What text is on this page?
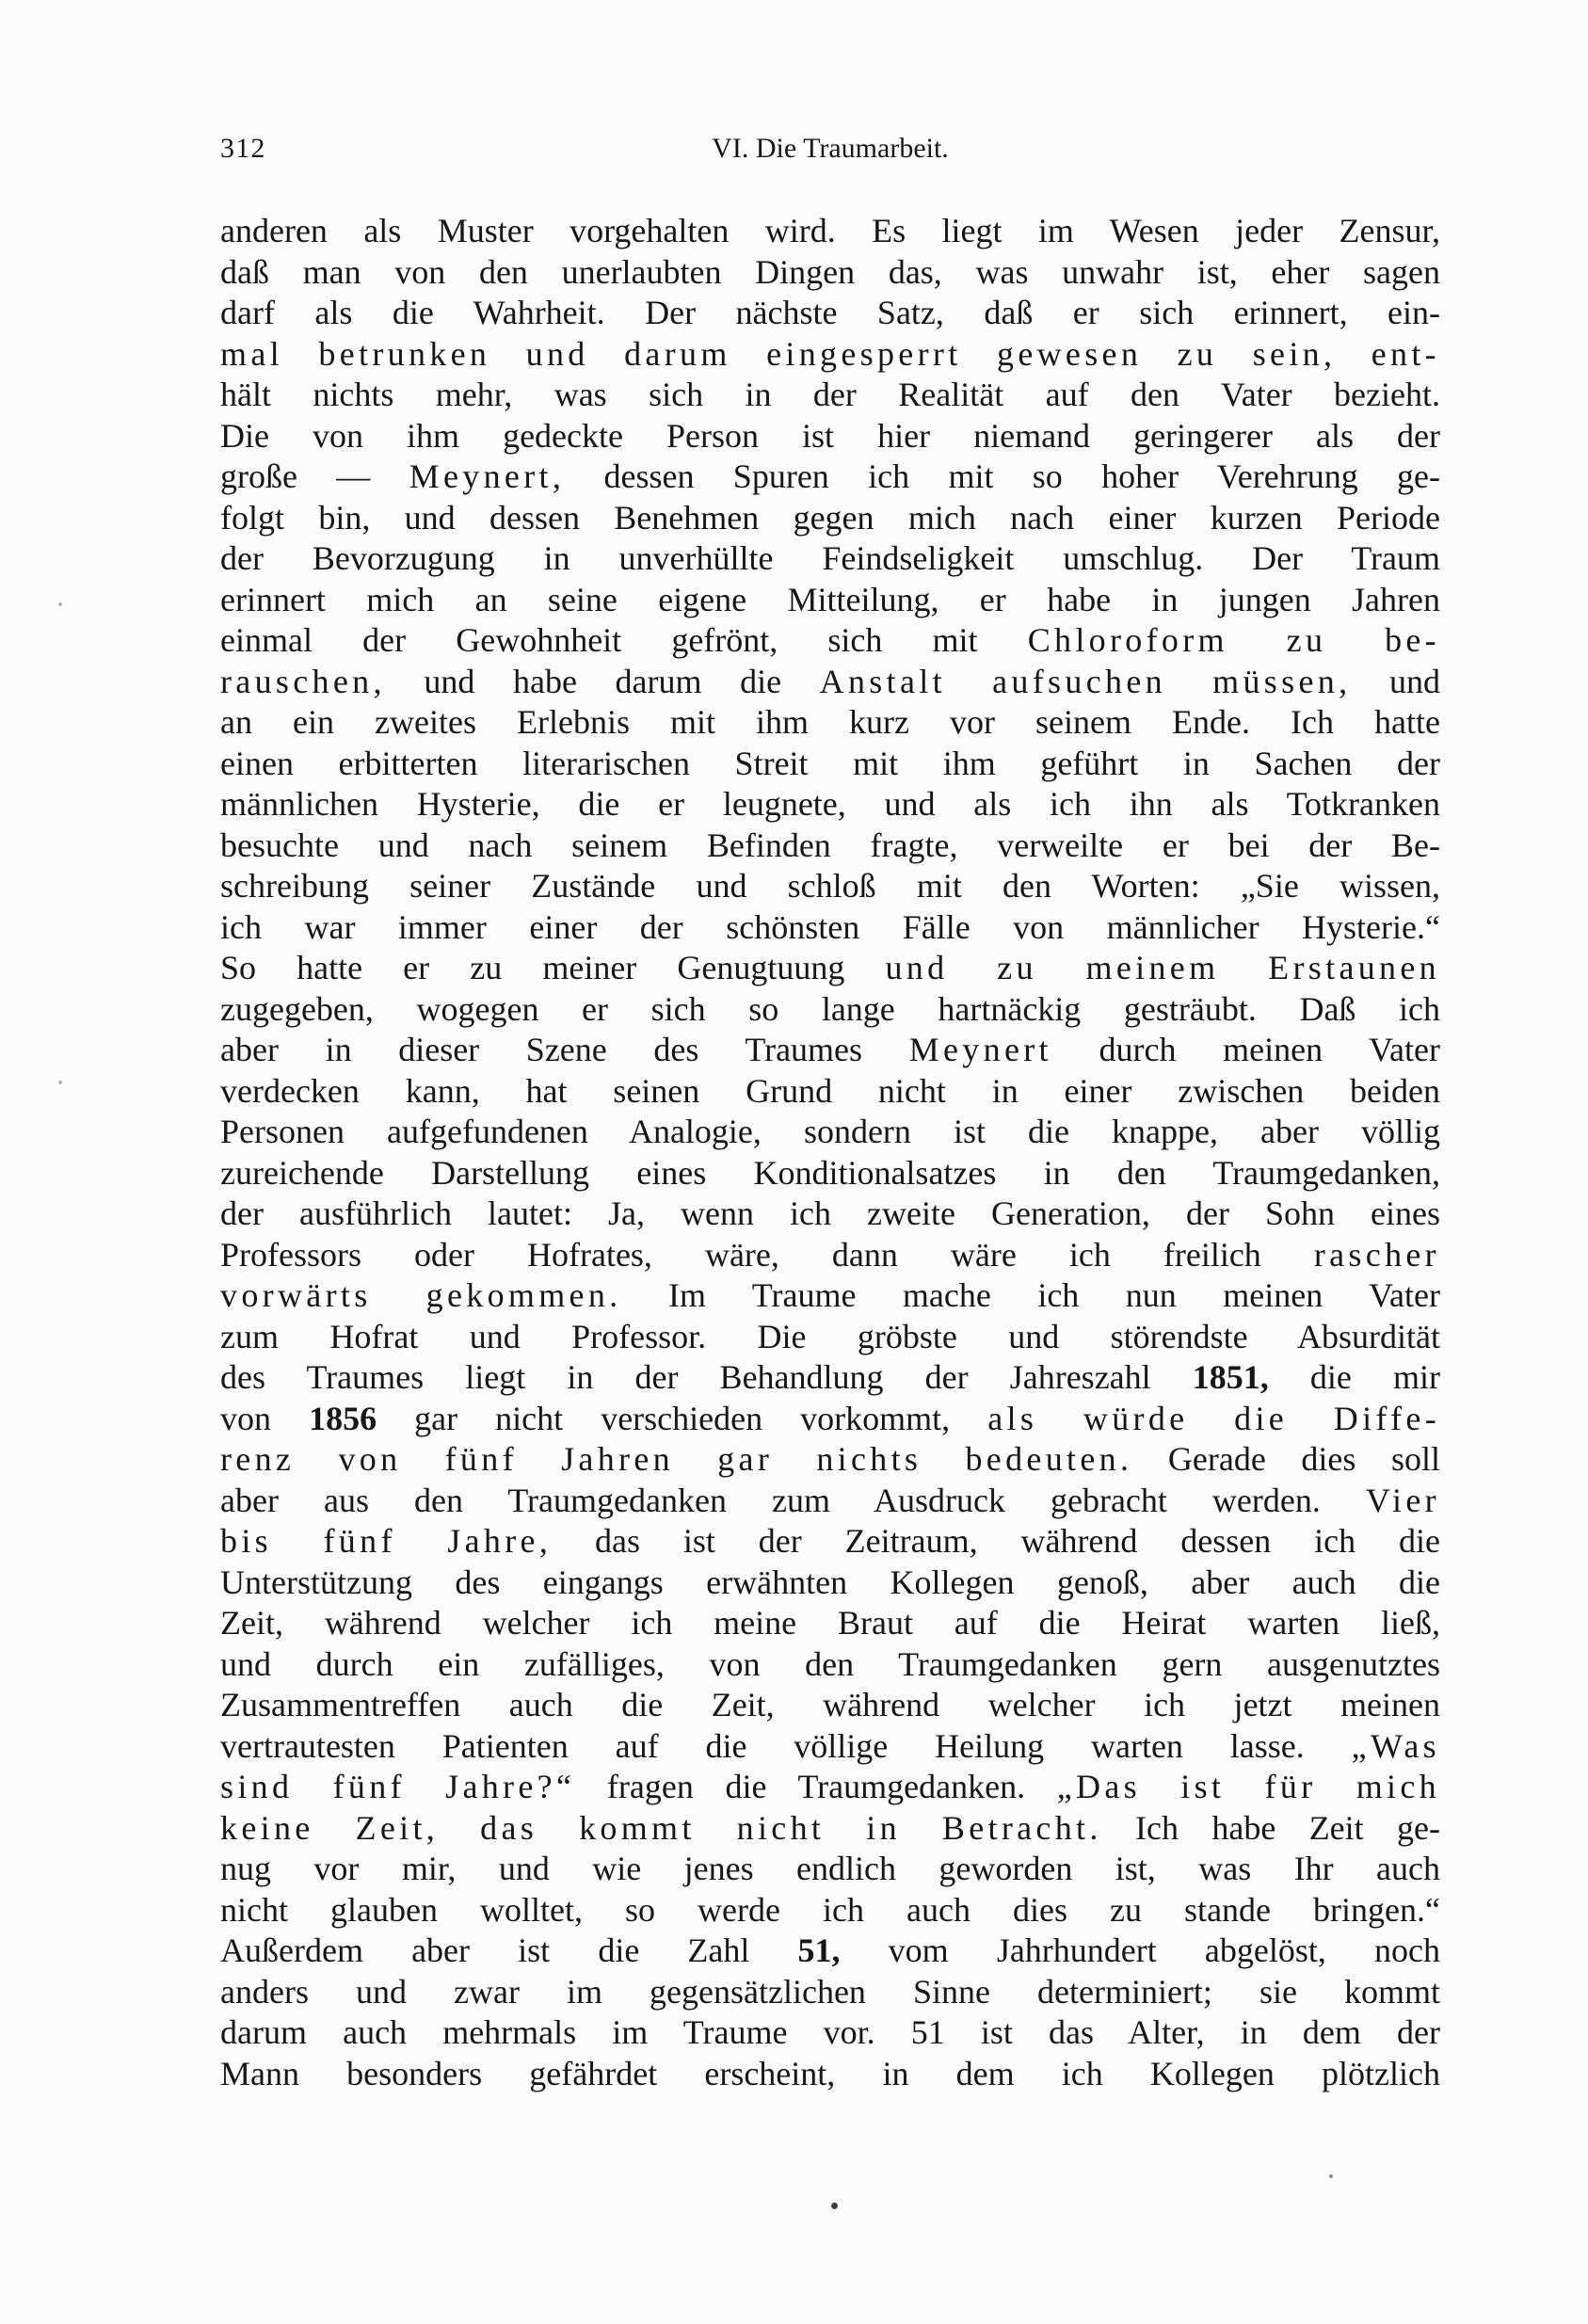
312	VI. Die Traumarbeit.
anderen als Muster vorgehalten wird. Es liegt im Wesen jeder Zensur,
daß man von den unerlaubten Dingen das, was unwahr ist, eher sagen
darf als die Wahrheit. Der nächste Satz, daß er sich erinnert, ein-
mal betrunken und darum eingesperrt gewesen zu sein, ent-
hält nichts mehr, was sich in der Realität auf den Vater bezieht.
Die von ihm gedeckte Person ist hier niemand geringerer als der
große — Meynert, dessen Spuren ich mit so hoher Verehrung ge-
folgt bin, und dessen Benehmen gegen mich nach einer kurzen Periode
der Bevorzugung in unverhüllte Feindseligkeit umschlug. Der Traum
erinnert mich an seine eigene Mitteilung, er habe in jungen Jahren
einmal der Gewohnheit gefrönt, sich mit Chloroform zu be-
rauschen, und habe darum die Anstalt aufsuchen müssen, und
an ein zweites Erlebnis mit ihm kurz vor seinem Ende. Ich hatte
einen erbitterten literarischen Streit mit ihm geführt in Sachen der
männlichen Hysterie, die er leugnete, und als ich ihn als Totkranken
besuchte und nach seinem Befinden fragte, verweilte er bei der Be-
schreibung seiner Zustände und schloß mit den Worten: „Sie wissen,
ich war immer einer der schönsten Fälle von männlicher Hysterie.“
So hatte er zu meiner Genugtuung und zu meinem Erstaunen
zugegeben, wogegen er sich so lange hartnäckig gesträubt. Daß ich
aber in dieser Szene des Traumes Meynert durch meinen Vater
verdecken kann, hat seinen Grund nicht in einer zwischen beiden
Personen aufgefundenen Analogie, sondern ist die knappe, aber völlig
zureichende Darstellung eines Konditionalsatzes in den Traumgedanken,
der ausführlich lautet: Ja, wenn ich zweite Generation, der Sohn eines
Professors oder Hofrates, wäre, dann wäre ich freilich rascher
vorwärts gekommen. Im Traume mache ich nun meinen Vater
zum Hofrat und Professor. Die gröbste und störendste Absurdität
des Traumes liegt in der Behandlung der Jahreszahl 1851, die mir
von 1856 gar nicht verschieden vorkommt, als würde die Diffe-
renz von fünf Jahren gar nichts bedeuten. Gerade dies soll
aber aus den Traumgedanken zum Ausdruck gebracht werden. Vier
bis fünf Jahre, das ist der Zeitraum, während dessen ich die
Unterstützung des eingangs erwähnten Kollegen genoß, aber auch die
Zeit, während welcher ich meine Braut auf die Heirat warten ließ,
und durch ein zufälliges, von den Traumgedanken gern ausgenutztes
Zusammentreffen auch die Zeit, während welcher ich jetzt meinen
vertrautesten Patienten auf die völlige Heilung warten lasse. „Was
sind fünf Jahre?“ fragen die Traumgedanken. „Das ist für mich
keine Zeit, das kommt nicht in Betracht. Ich habe Zeit ge-
nug vor mir, und wie jenes endlich geworden ist, was Ihr auch
nicht glauben wolltet, so werde ich auch dies zu stande bringen.“
Außerdem aber ist die Zahl 51, vom Jahrhundert abgelöst, noch
anders und zwar im gegensätzlichen Sinne determiniert; sie kommt
darum auch mehrmals im Traume vor. 51 ist das Alter, in dem der
Mann besonders gefährdet erscheint, in dem ich Kollegen plötzlich
